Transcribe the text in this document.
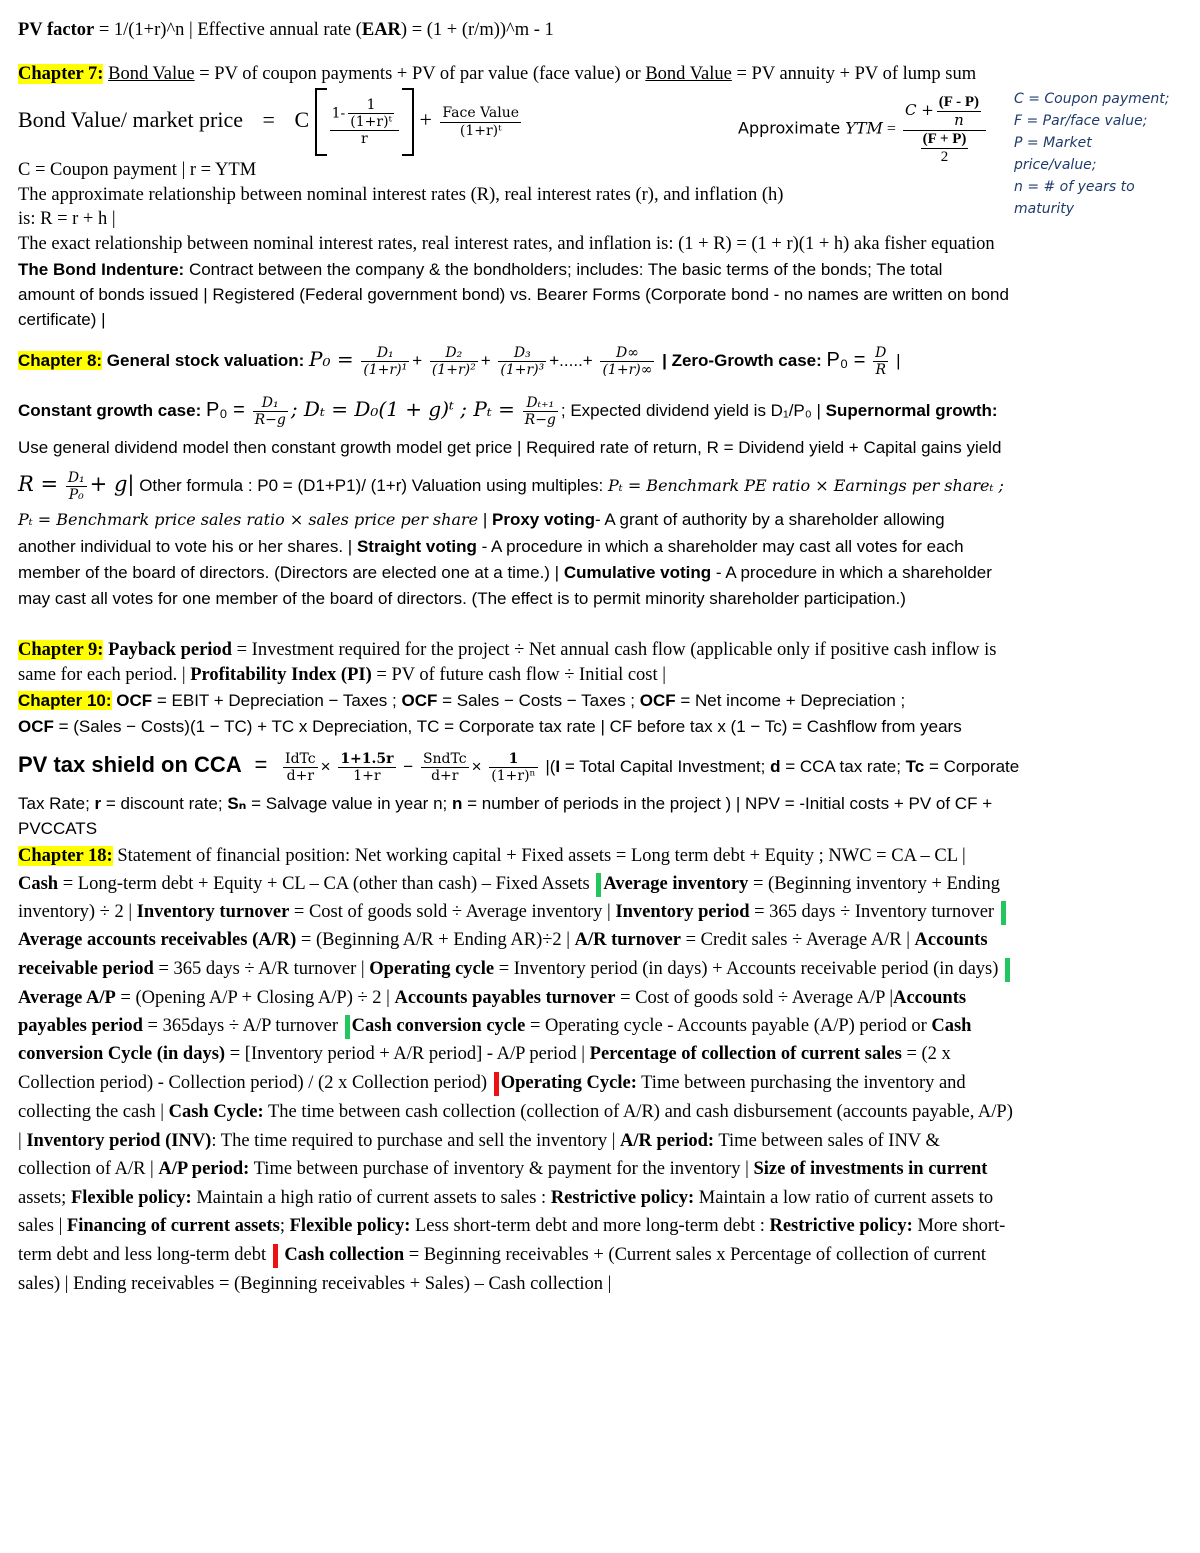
PV factor = 1/(1+r)^n | Effective annual rate (EAR) = (1 + (r/m))^m - 1
Chapter 7: Bond Value = PV of coupon payments + PV of par value (face value) or Bond Value = PV annuity + PV of lump sum
Bond Value/ market price = C $\frac{1- \frac{1}{\text{(1+r)ᵗ}}}{r} + \frac{\text{Face Value}}{\text{(1+r)ᵗ}}$	Approximate YTM = $\frac{C + \frac{(F - P)}{n}}{\frac{(F + P)}{2}}$ C = Coupon payment;
F = Par/face value;
P = Market
price/value;
n = # of years to
maturity
C = Coupon payment | r = YTM
The approximate relationship between nominal interest rates (R), real interest rates (r), and inflation (h)
is: R = r + h |
The exact relationship between nominal interest rates, real interest rates, and inflation is: (1 + R) = (1 + r)(1 + h) aka fisher equation
The Bond Indenture: Contract between the company & the bondholders; includes: The basic terms of the bonds; The total
amount of bonds issued | Registered (Federal government bond) vs. Bearer Forms (Corporate bond - no names are written on bond
certificate) |
Chapter 8: General stock valuation: $P_0 = \frac{\text{D₁}}{\text{(1+r)¹}} + \frac{\text{D₂}}{\text{(1+r)²}} + \frac{\text{D₃}}{\text{(1+r)³}}$ +.....+ $\frac{D\infty}{(1+r)\infty}$ | Zero-Growth case: $P_0 = \frac{D}{R}$ |
Constant growth case: $P_0 = \frac{\text{D₁}}{R-g}$ ; Dₜ = D₀(1 + g)ᵗ ; $P_t = \frac{\text{Dₜ₊₁}}{R-g}$ ; Expected dividend yield is D₁/P₀ | Supernormal growth:
Use general dividend model then constant growth model get price | Required rate of return, R = Dividend yield + Capital gains yield
$R = \frac{\text{D₁}}{\text{P₀}} + g|$ Other formula : P0 = (D1+P1)/ (1+r) Valuation using multiples: Pₜ = Benchmark PE ratio × Earnings per shareₜ ;
Pₜ = Benchmark price sales ratio × sales price per share | Proxy voting- A grant of authority by a shareholder allowing
another individual to vote his or her shares. | Straight voting - A procedure in which a shareholder may cast all votes for each
member of the board of directors. (Directors are elected one at a time.) | Cumulative voting - A procedure in which a shareholder
may cast all votes for one member of the board of directors. (The effect is to permit minority shareholder participation.)
Chapter 9: Payback period = Investment required for the project ÷ Net annual cash flow (applicable only if positive cash inflow is
same for each period. | Profitability Index (PI) = PV of future cash flow ÷ Initial cost |
Chapter 10: OCF = EBIT + Depreciation − Taxes ; OCF = Sales − Costs − Taxes ; OCF = Net income + Depreciation ;
OCF = (Sales − Costs)(1 − TC) + TC x Depreciation, TC = Corporate tax rate | CF before tax x (1 − Tc) = Cashflow from years
PV tax shield on CCA = $\frac{\text{IdTc}}{d+r} \times \frac{1+1.5r}{1+r} - \frac{\text{SndTc}}{d+r} \times \frac{1}{\text{(1+r)ⁿ}} |(I$ = Total Capital Investment; d = CCA tax rate; Tc = Corporate
Tax Rate; r = discount rate; Sₙ = Salvage value in year n; n = number of periods in the project ) | NPV = -Initial costs + PV of CF +
PVCCATS
Chapter 18: Statement of financial position: Net working capital + Fixed assets = Long term debt + Equity ; NWC = CA – CL |
Cash = Long-term debt + Equity + CL – CA (other than cash) – Fixed Assets Average inventory = (Beginning inventory + Ending
inventory) ÷ 2 | Inventory turnover = Cost of goods sold ÷ Average inventory | Inventory period = 365 days ÷ Inventory turnover
Average accounts receivables (A/R) = (Beginning A/R + Ending AR)÷2 | A/R turnover = Credit sales ÷ Average A/R | Accounts
receivable period = 365 days ÷ A/R turnover | Operating cycle = Inventory period (in days) + Accounts receivable period (in days)
Average A/P = (Opening A/P + Closing A/P) ÷ 2 | Accounts payables turnover = Cost of goods sold ÷ Average A/P |Accounts
payables period = 365days ÷ A/P turnover Cash conversion cycle = Operating cycle - Accounts payable (A/P) period or Cash
conversion Cycle (in days) = [Inventory period + A/R period] - A/P period | Percentage of collection of current sales = (2 x
Collection period) - Collection period) / (2 x Collection period) Operating Cycle: Time between purchasing the inventory and
collecting the cash | Cash Cycle: The time between cash collection (collection of A/R) and cash disbursement (accounts payable, A/P)
| Inventory period (INV): The time required to purchase and sell the inventory | A/R period: Time between sales of INV &
collection of A/R | A/P period: Time between purchase of inventory & payment for the inventory | Size of investments in current
assets; Flexible policy: Maintain a high ratio of current assets to sales : Restrictive policy: Maintain a low ratio of current assets to
sales | Financing of current assets; Flexible policy: Less short-term debt and more long-term debt : Restrictive policy: More short-
term debt and less long-term debt  Cash collection = Beginning receivables + (Current sales x Percentage of collection of current
sales) | Ending receivables = (Beginning receivables + Sales) – Cash collection |
